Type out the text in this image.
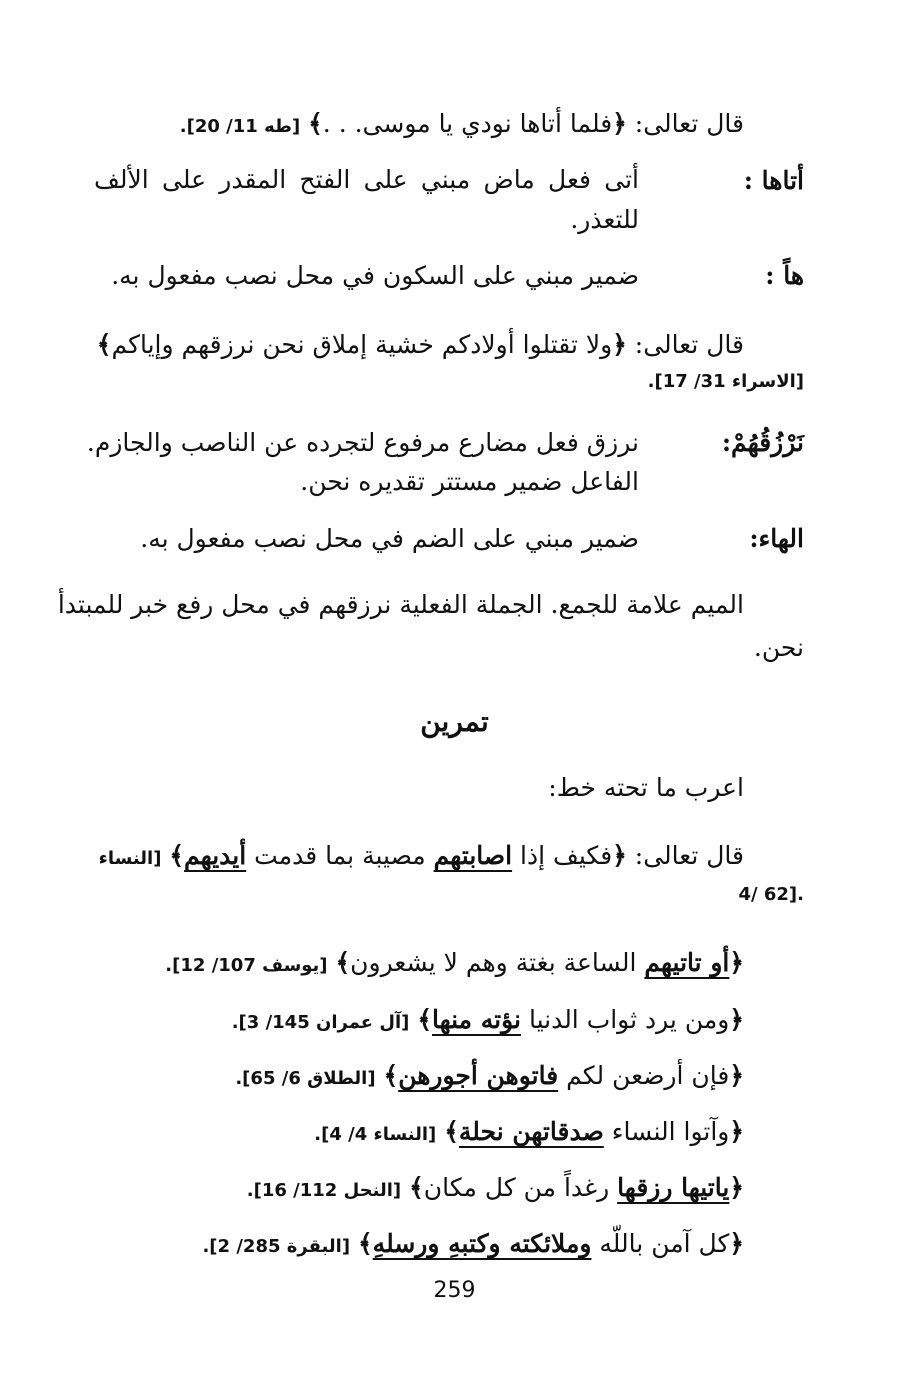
قال تعالى: ﴿فلما أتاها نودي يا موسى. . .﴾ [طه 11/ 20].
أتاها :
أتى فعل ماض مبني على الفتح المقدر على الألف للتعذر.
هاً :
ضمير مبني على السكون في محل نصب مفعول به.
قال تعالى: ﴿ولا تقتلوا أولادكم خشية إملاق نحن نرزقهم وإياكم﴾
[الاسراء 31/ 17].
نَرْزُقُهُمْ:
نرزق فعل مضارع مرفوع لتجرده عن الناصب والجازم.
الفاعل ضمير مستتر تقديره نحن.
الهاء:
ضمير مبني على الضم في محل نصب مفعول به.
الميم علامة للجمع. الجملة الفعلية نرزقهم في محل رفع خبر للمبتدأ
نحن.
تمرين
اعرب ما تحته خط:
قال تعالى: ﴿فكيف إذا اصابتهم مصيبة بما قدمت أيديهم﴾ [النساء
4/ 62].
﴿أو تاتيهم الساعة بغتة وهم لا يشعرون﴾ [يوسف 107/ 12].
﴿ومن يرد ثواب الدنيا نؤته منها﴾ [آل عمران 145/ 3].
﴿فإن أرضعن لكم فاتوهن أجورهن﴾ [الطلاق 6/ 65].
﴿وآتوا النساء صدقاتهن نحلة﴾ [النساء 4/ 4].
﴿ياتيها رزقها رغداً من كل مكان﴾ [النحل 112/ 16].
﴿كل آمن باللّه وملائكته وكتبهِ ورسلهِ﴾ [البقرة 285/ 2].
259
